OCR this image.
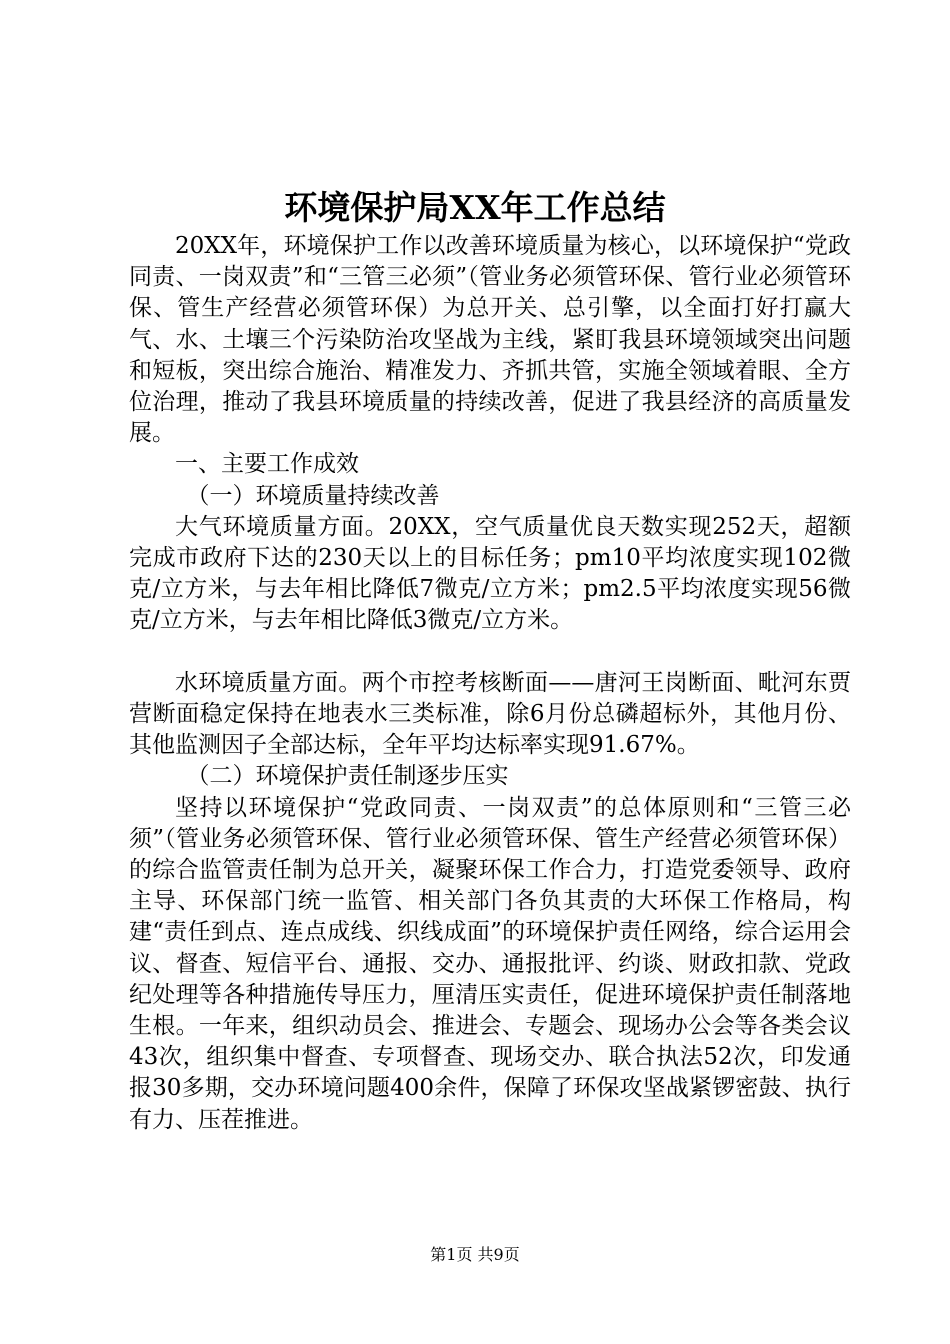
环境保护局XX年工作总结

20XX年，环境保护工作以改善环境质量为核心，以环境保护“党政同责、一岗双责”和“三管三必须”（管业务必须管环保、管行业必须管环保、管生产经营必须管环保）为总开关、总引擎，以全面打好打赢大气、水、土壤三个污染防治攻坚战为主线，紧盯我县环境领域突出问题和短板，突出综合施治、精准发力、齐抓共管，实施全领域着眼、全方位治理，推动了我县环境质量的持续改善，促进了我县经济的高质量发展。

一、主要工作成效

（一）环境质量持续改善

大气环境质量方面。20XX，空气质量优良天数实现252天，超额完成市政府下达的230天以上的目标任务；pm10平均浓度实现102微克/立方米，与去年相比降低7微克/立方米；pm2.5平均浓度实现56微克/立方米，与去年相比降低3微克/立方米。

水环境质量方面。两个市控考核断面——唐河王岗断面、毗河东贾营断面稳定保持在地表水三类标准，除6月份总磷超标外，其他月份、其他监测因子全部达标，全年平均达标率实现91.67%。

（二）环境保护责任制逐步压实

坚持以环境保护“党政同责、一岗双责”的总体原则和“三管三必须”（管业务必须管环保、管行业必须管环保、管生产经营必须管环保）的综合监管责任制为总开关，凝聚环保工作合力，打造党委领导、政府主导、环保部门统一监管、相关部门各负其责的大环保工作格局，构建“责任到点、连点成线、织线成面”的环境保护责任网络，综合运用会议、督查、短信平台、通报、交办、通报批评、约谈、财政扣款、党政纪处理等各种措施传导压力，厘清压实责任，促进环境保护责任制落地生根。一年来，组织动员会、推进会、专题会、现场办公会等各类会议43次，组织集中督查、专项督查、现场交办、联合执法52次，印发通报30多期，交办环境问题400余件，保障了环保攻坚战紧锣密鼓、执行有力、压茬推进。

第1页 共9页
